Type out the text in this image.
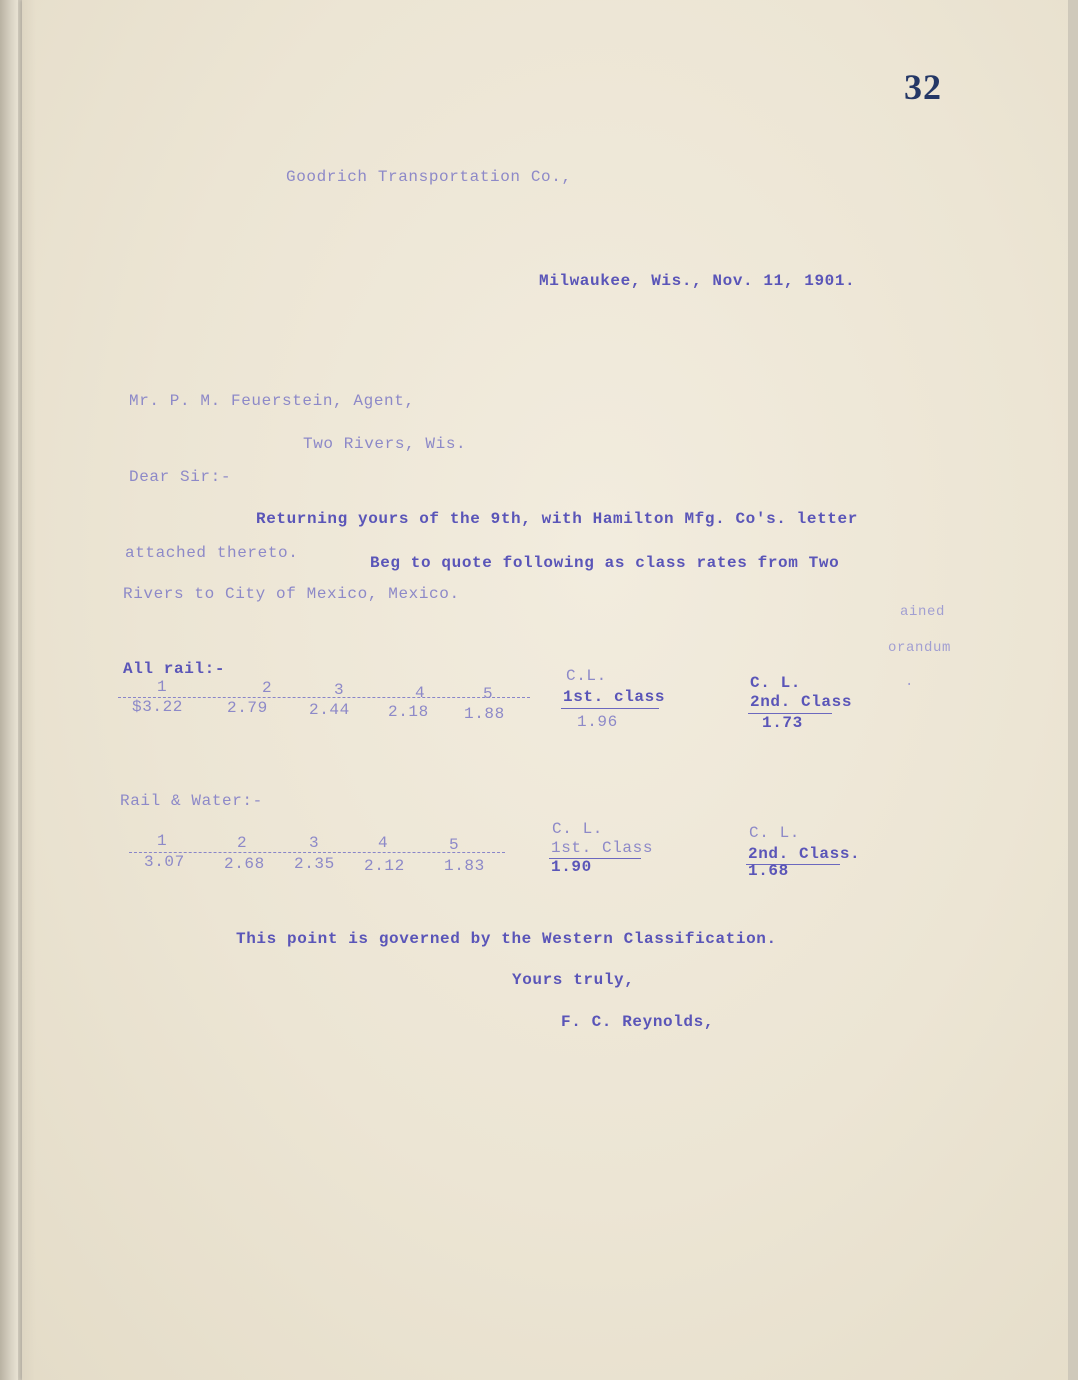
32
Goodrich Transportation Co.,
Milwaukee, Wis., Nov. 11, 1901.
Mr. P. M. Feuerstein, Agent,
Two Rivers, Wis.
Dear Sir:-
Returning yours of the 9th, with Hamilton Mfg. Co's. letter
attached thereto.
Beg to quote following as class rates from Two
Rivers to City of Mexico, Mexico.
ained
orandum
.
All rail:-
1
$3.22
2
2.79
3
2.44
4
2.18
5
1.88
C.L.
1st. class
1.96
C. L.
2nd. Class
1.73
Rail & Water:-
1
3.07
2
2.68
3
2.35
4
2.12
5
1.83
C. L.
1st. Class
1.90
C. L.
2nd. Class.
1.68
This point is governed by the Western Classification.
Yours truly,
F. C. Reynolds,
